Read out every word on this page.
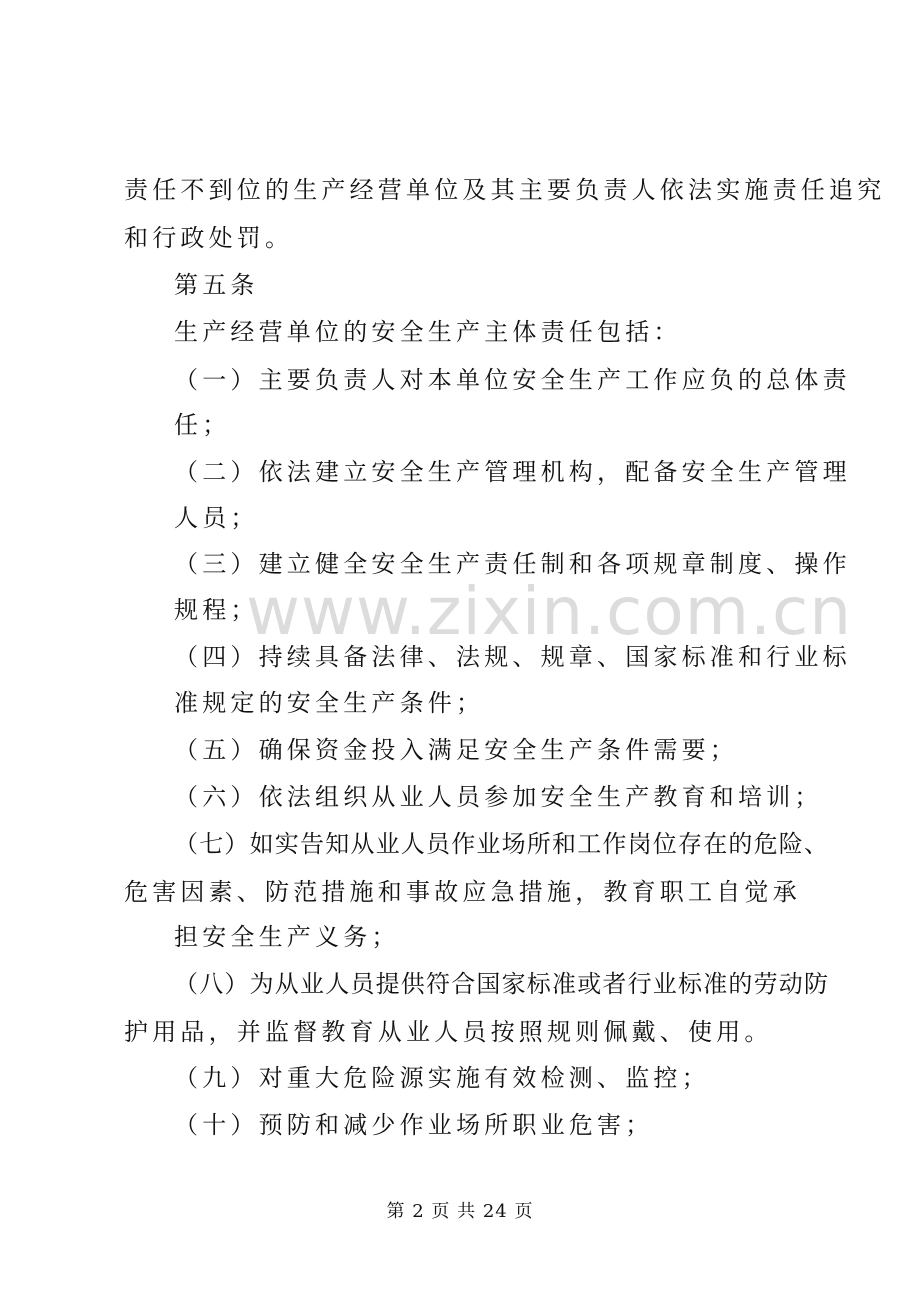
www.zixin.com.cn
责任不到位的生产经营单位及其主要负责人依法实施责任追究
和行政处罚。
第五条
生产经营单位的安全生产主体责任包括：
（一）主要负责人对本单位安全生产工作应负的总体责
任；
（二）依法建立安全生产管理机构，配备安全生产管理
人员；
（三）建立健全安全生产责任制和各项规章制度、操作
规程；
（四）持续具备法律、法规、规章、国家标准和行业标
准规定的安全生产条件；
（五）确保资金投入满足安全生产条件需要；
（六）依法组织从业人员参加安全生产教育和培训；
（七）如实告知从业人员作业场所和工作岗位存在的危险、
危害因素、防范措施和事故应急措施，教育职工自觉承
担安全生产义务；
（八）为从业人员提供符合国家标准或者行业标准的劳动防
护用品，并监督教育从业人员按照规则佩戴、使用。
（九）对重大危险源实施有效检测、监控；
（十）预防和减少作业场所职业危害；
第 2 页 共 24 页
